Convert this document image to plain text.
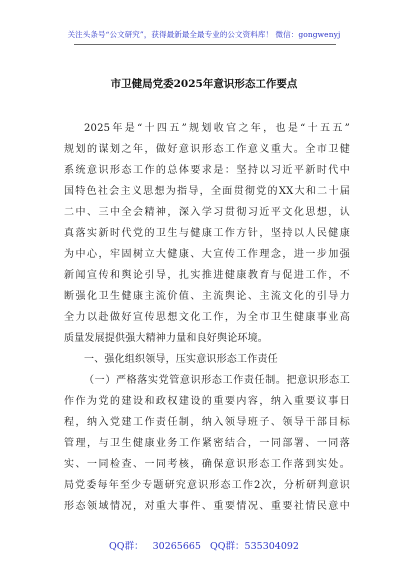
关注头条号“公文研究”，获得最新最全最专业的公文资料库！ 微信：gongwenyj
市卫健局党委2025年意识形态工作要点
2025年是“十四五”规划收官之年，也是“十五五”
规划的谋划之年，做好意识形态工作意义重大。全市卫健
系统意识形态工作的总体要求是：坚持以习近平新时代中
国特色社会主义思想为指导，全面贯彻党的XX大和二十届
二中、三中全会精神，深入学习贯彻习近平文化思想，认
真落实新时代党的卫生与健康工作方针，坚持以人民健康
为中心，牢固树立大健康、大宣传工作理念，进一步加强
新闻宣传和舆论引导，扎实推进健康教育与促进工作，不
断强化卫生健康主流价值、主流舆论、主流文化的引导力
全力以赴做好宣传思想文化工作，为全市卫生健康事业高
质量发展提供强大精神力量和良好舆论环境。
一、强化组织领导，压实意识形态工作责任
（一）严格落实党管意识形态工作责任制。把意识形态工
作作为党的建设和政权建设的重要内容，纳入重要议事日
程，纳入党建工作责任制，纳入领导班子、领导干部目标
管理，与卫生健康业务工作紧密结合，一同部署、一同落
实、一同检查、一同考核，确保意识形态工作落到实处。
局党委每年至少专题研究意识形态工作2次，分析研判意识
形态领域情况，对重大事件、重要情况、重要社情民意中
QQ群： 30265665 QQ群：535304092
